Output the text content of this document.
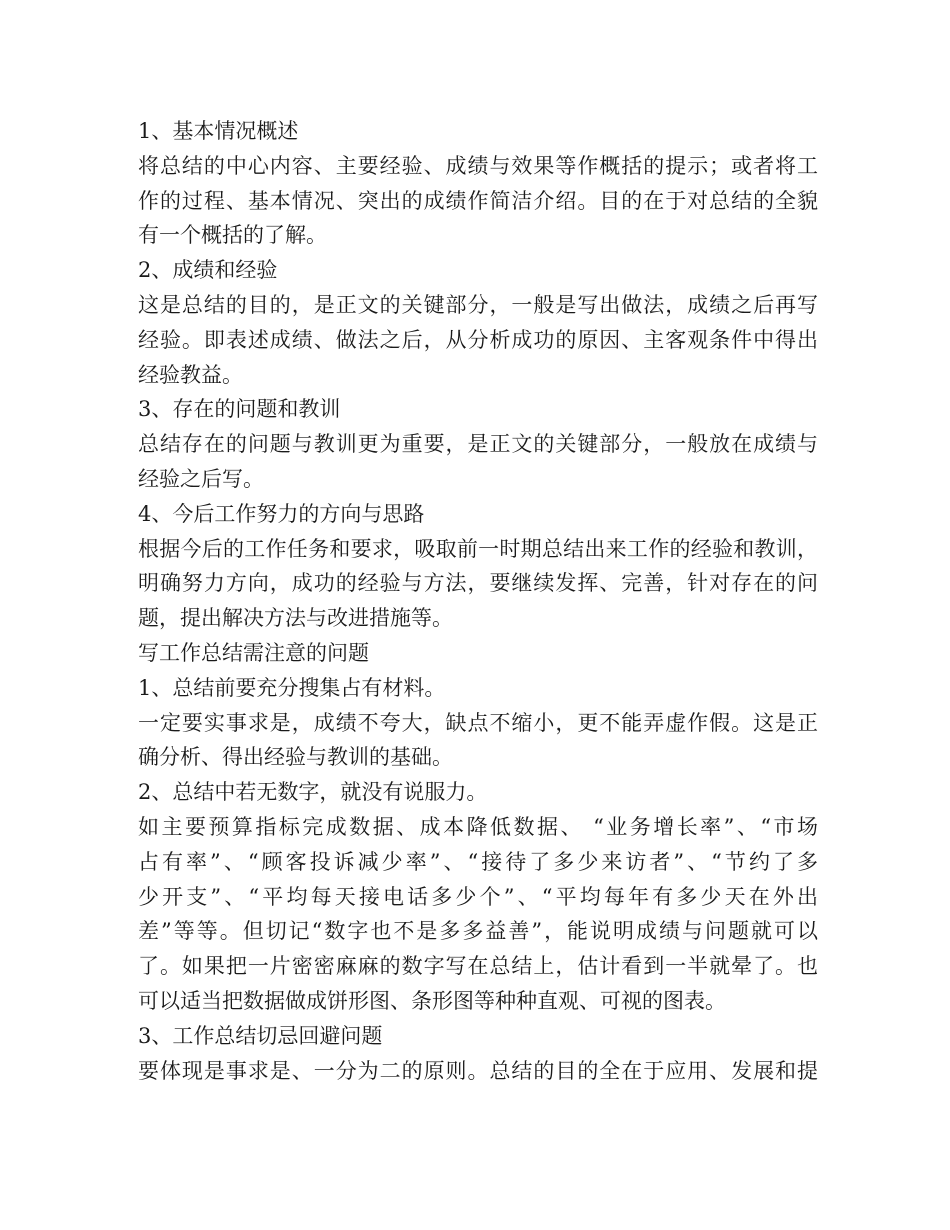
1、基本情况概述
将总结的中心内容、主要经验、成绩与效果等作概括的提示；或者将工
作的过程、基本情况、突出的成绩作简洁介绍。目的在于对总结的全貌
有一个概括的了解。
2、成绩和经验
这是总结的目的，是正文的关键部分，一般是写出做法，成绩之后再写
经验。即表述成绩、做法之后，从分析成功的原因、主客观条件中得出
经验教益。
3、存在的问题和教训
总结存在的问题与教训更为重要，是正文的关键部分，一般放在成绩与
经验之后写。
4、今后工作努力的方向与思路
根据今后的工作任务和要求，吸取前一时期总结出来工作的经验和教训，
明确努力方向，成功的经验与方法，要继续发挥、完善，针对存在的问
题，提出解决方法与改进措施等。
写工作总结需注意的问题
1、总结前要充分搜集占有材料。
一定要实事求是，成绩不夸大，缺点不缩小，更不能弄虚作假。这是正
确分析、得出经验与教训的基础。
2、总结中若无数字，就没有说服力。
如主要预算指标完成数据、成本降低数据、 “业务增长率”、“市场
占有率”、“顾客投诉减少率”、“接待了多少来访者”、“节约了多
少开支”、“平均每天接电话多少个”、“平均每年有多少天在外出
差”等等。但切记“数字也不是多多益善”，能说明成绩与问题就可以
了。如果把一片密密麻麻的数字写在总结上，估计看到一半就晕了。也
可以适当把数据做成饼形图、条形图等种种直观、可视的图表。
3、工作总结切忌回避问题
要体现是事求是、一分为二的原则。总结的目的全在于应用、发展和提
